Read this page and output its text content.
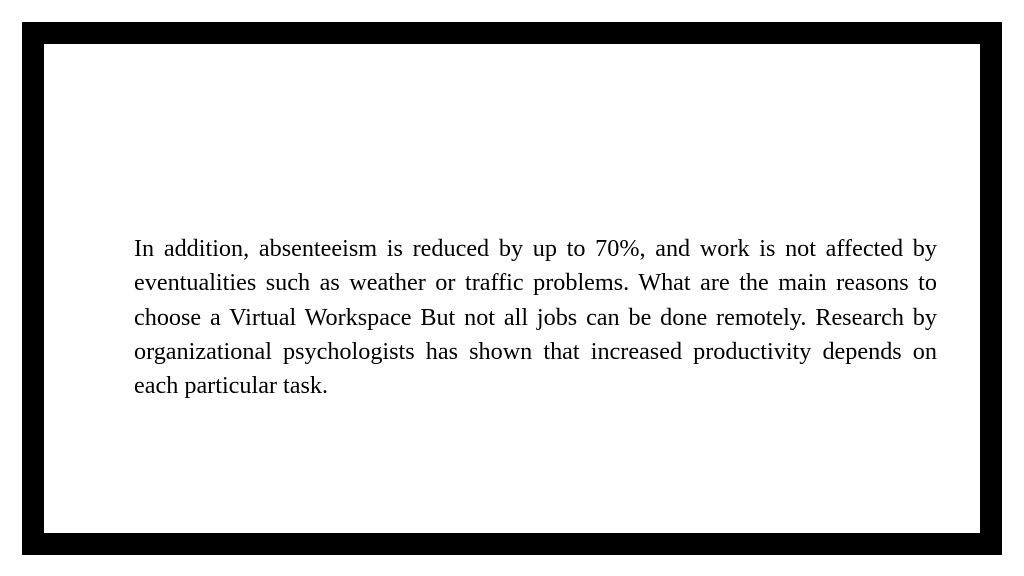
In addition, absenteeism is reduced by up to 70%, and work is not affected by eventualities such as weather or traffic problems. What are the main reasons to choose a Virtual Workspace But not all jobs can be done remotely. Research by organizational psychologists has shown that increased productivity depends on each particular task.
